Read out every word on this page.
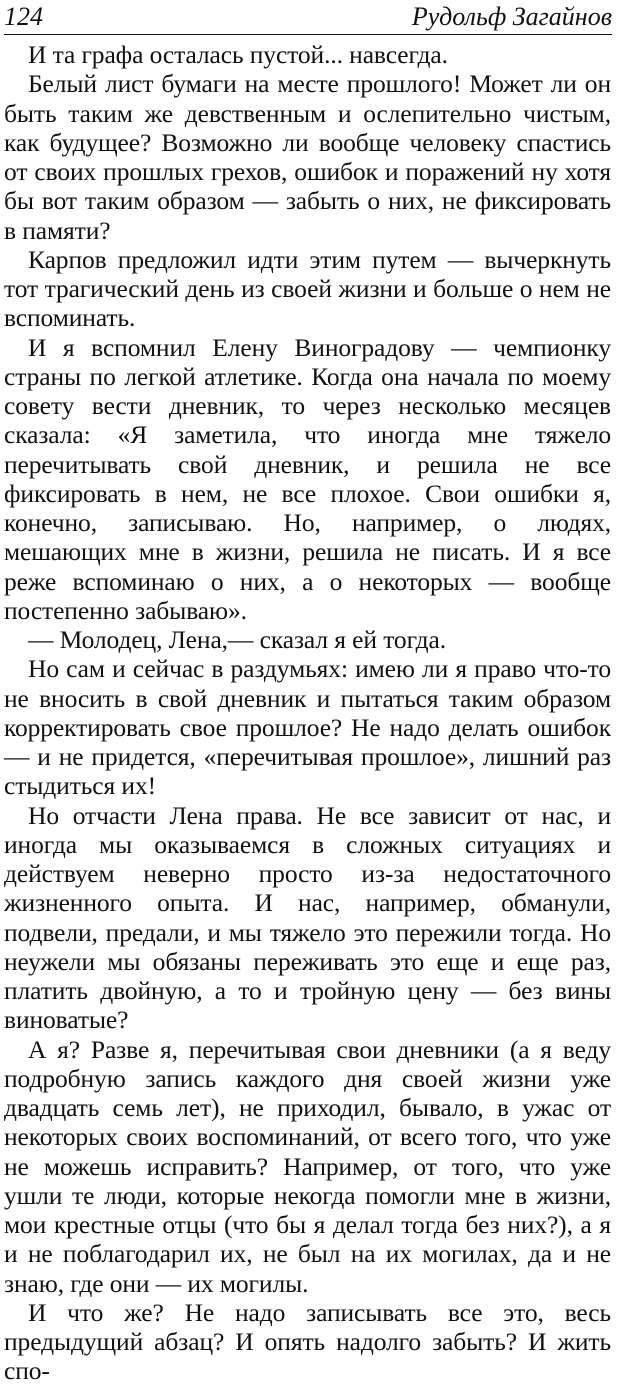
124	Рудольф Загайнов

И та графа осталась пустой... навсегда.

Белый лист бумаги на месте прошлого! Может ли он быть таким же девственным и ослепительно чистым, как будущее? Возможно ли вообще человеку спастись от своих прошлых грехов, ошибок и поражений ну хотя бы вот таким образом — забыть о них, не фиксировать в памяти?

Карпов предложил идти этим путем — вычеркнуть тот трагический день из своей жизни и больше о нем не вспоминать.

И я вспомнил Елену Виноградову — чемпионку страны по легкой атлетике. Когда она начала по моему совету вести дневник, то через несколько месяцев сказала: «Я заметила, что иногда мне тяжело перечитывать свой дневник, и решила не все фиксировать в нем, не все плохое. Свои ошибки я, конечно, записываю. Но, например, о людях, мешающих мне в жизни, решила не писать. И я все реже вспоминаю о них, а о некоторых — вообще постепенно забываю».

— Молодец, Лена,— сказал я ей тогда.

Но сам и сейчас в раздумьях: имею ли я право что-то не вносить в свой дневник и пытаться таким образом корректировать свое прошлое? Не надо делать ошибок — и не придется, «перечитывая прошлое», лишний раз стыдиться их!

Но отчасти Лена права. Не все зависит от нас, и иногда мы оказываемся в сложных ситуациях и действуем неверно просто из-за недостаточного жизненного опыта. И нас, например, обманули, подвели, предали, и мы тяжело это пережили тогда. Но неужели мы обязаны переживать это еще и еще раз, платить двойную, а то и тройную цену — без вины виноватые?

А я? Разве я, перечитывая свои дневники (а я веду подробную запись каждого дня своей жизни уже двадцать семь лет), не приходил, бывало, в ужас от некоторых своих воспоминаний, от всего того, что уже не можешь исправить? Например, от того, что уже ушли те люди, которые некогда помогли мне в жизни, мои крестные отцы (что бы я делал тогда без них?), а я и не поблагодарил их, не был на их могилах, да и не знаю, где они — их могилы.

И что же? Не надо записывать все это, весь предыдущий абзац? И опять надолго забыть? И жить спо-
